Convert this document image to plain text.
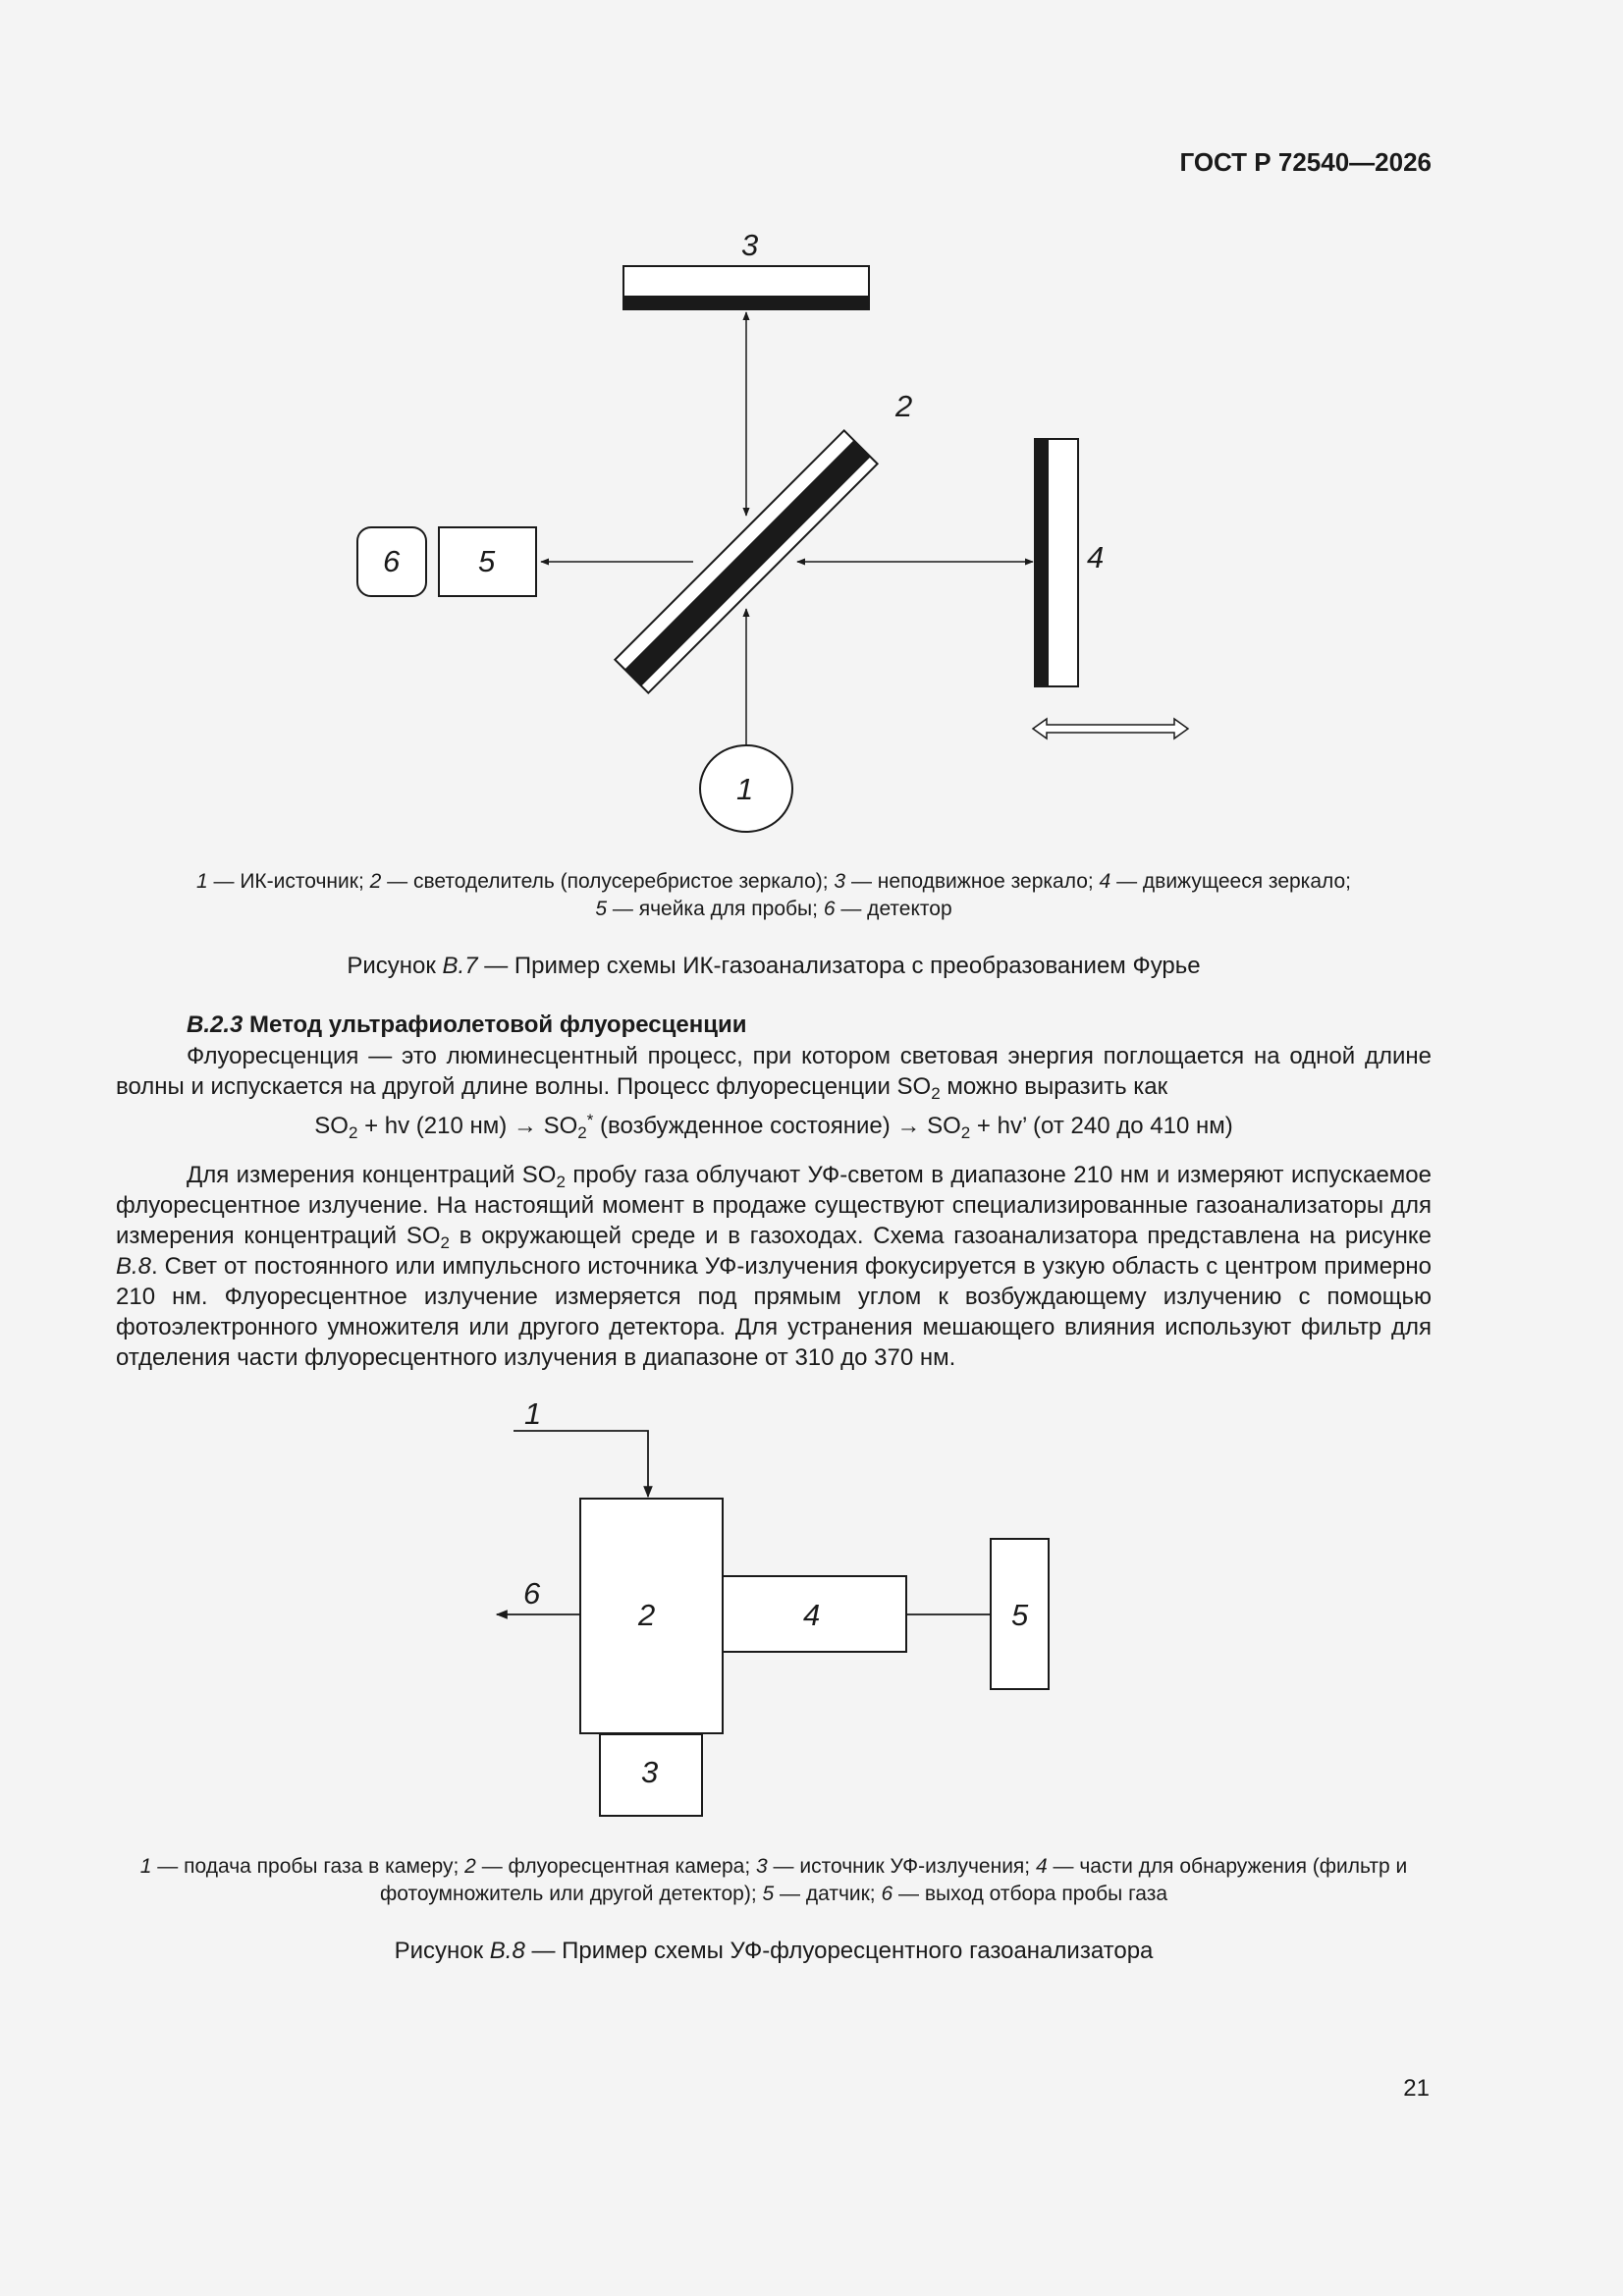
ГОСТ Р 72540—2026
3
2
4
5
6
1
1 — ИК-источник; 2 — светоделитель (полусеребристое зеркало); 3 — неподвижное зеркало; 4 — движущееся зеркало;
5 — ячейка для пробы; 6 — детектор
Рисунок В.7 — Пример схемы ИК-газоанализатора с преобразованием Фурье
В.2.3 Метод ультрафиолетовой флуоресценции

Флуоресценция — это люминесцентный процесс, при котором световая энергия поглощается на одной длине волны и испускается на другой длине волны. Процесс флуоресценции $SO_2$ можно выразить как

$SO_2$ + hv (210 $нм) \to SO_2^*$ (возбужденное состояние) → $SO_2$ + hv’ (от 240 до 410 нм)

Для измерения концентраций $SO_2$ пробу газа облучают УФ-светом в диапазоне 210 нм и измеряют испускаемое флуоресцентное излучение. На настоящий момент в продаже существуют специализированные газоанализаторы для измерения концентраций $SO_2$ в окружающей среде и в газоходах. Схема газоанализатора представлена на рисунке В.8. Свет от постоянного или импульсного источника УФ-излучения фокусируется в узкую область с центром примерно 210 нм. Флуоресцентное излучение измеряется под прямым углом к возбуждающему излучению с помощью фотоэлектронного умножителя или другого детектора. Для устранения мешающего влияния используют фильтр для отделения части флуоресцентного излучения в диапазоне от 310 до 370 нм.

1
2
3
4	5
6
1 — подача пробы газа в камеру; 2 — флуоресцентная камера; 3 — источник УФ-излучения; 4 — части для обнаружения (фильтр и фотоумножитель или другой детектор); 5 — датчик; 6 — выход отбора пробы газа
Рисунок В.8 — Пример схемы УФ-флуоресцентного газоанализатора
21
